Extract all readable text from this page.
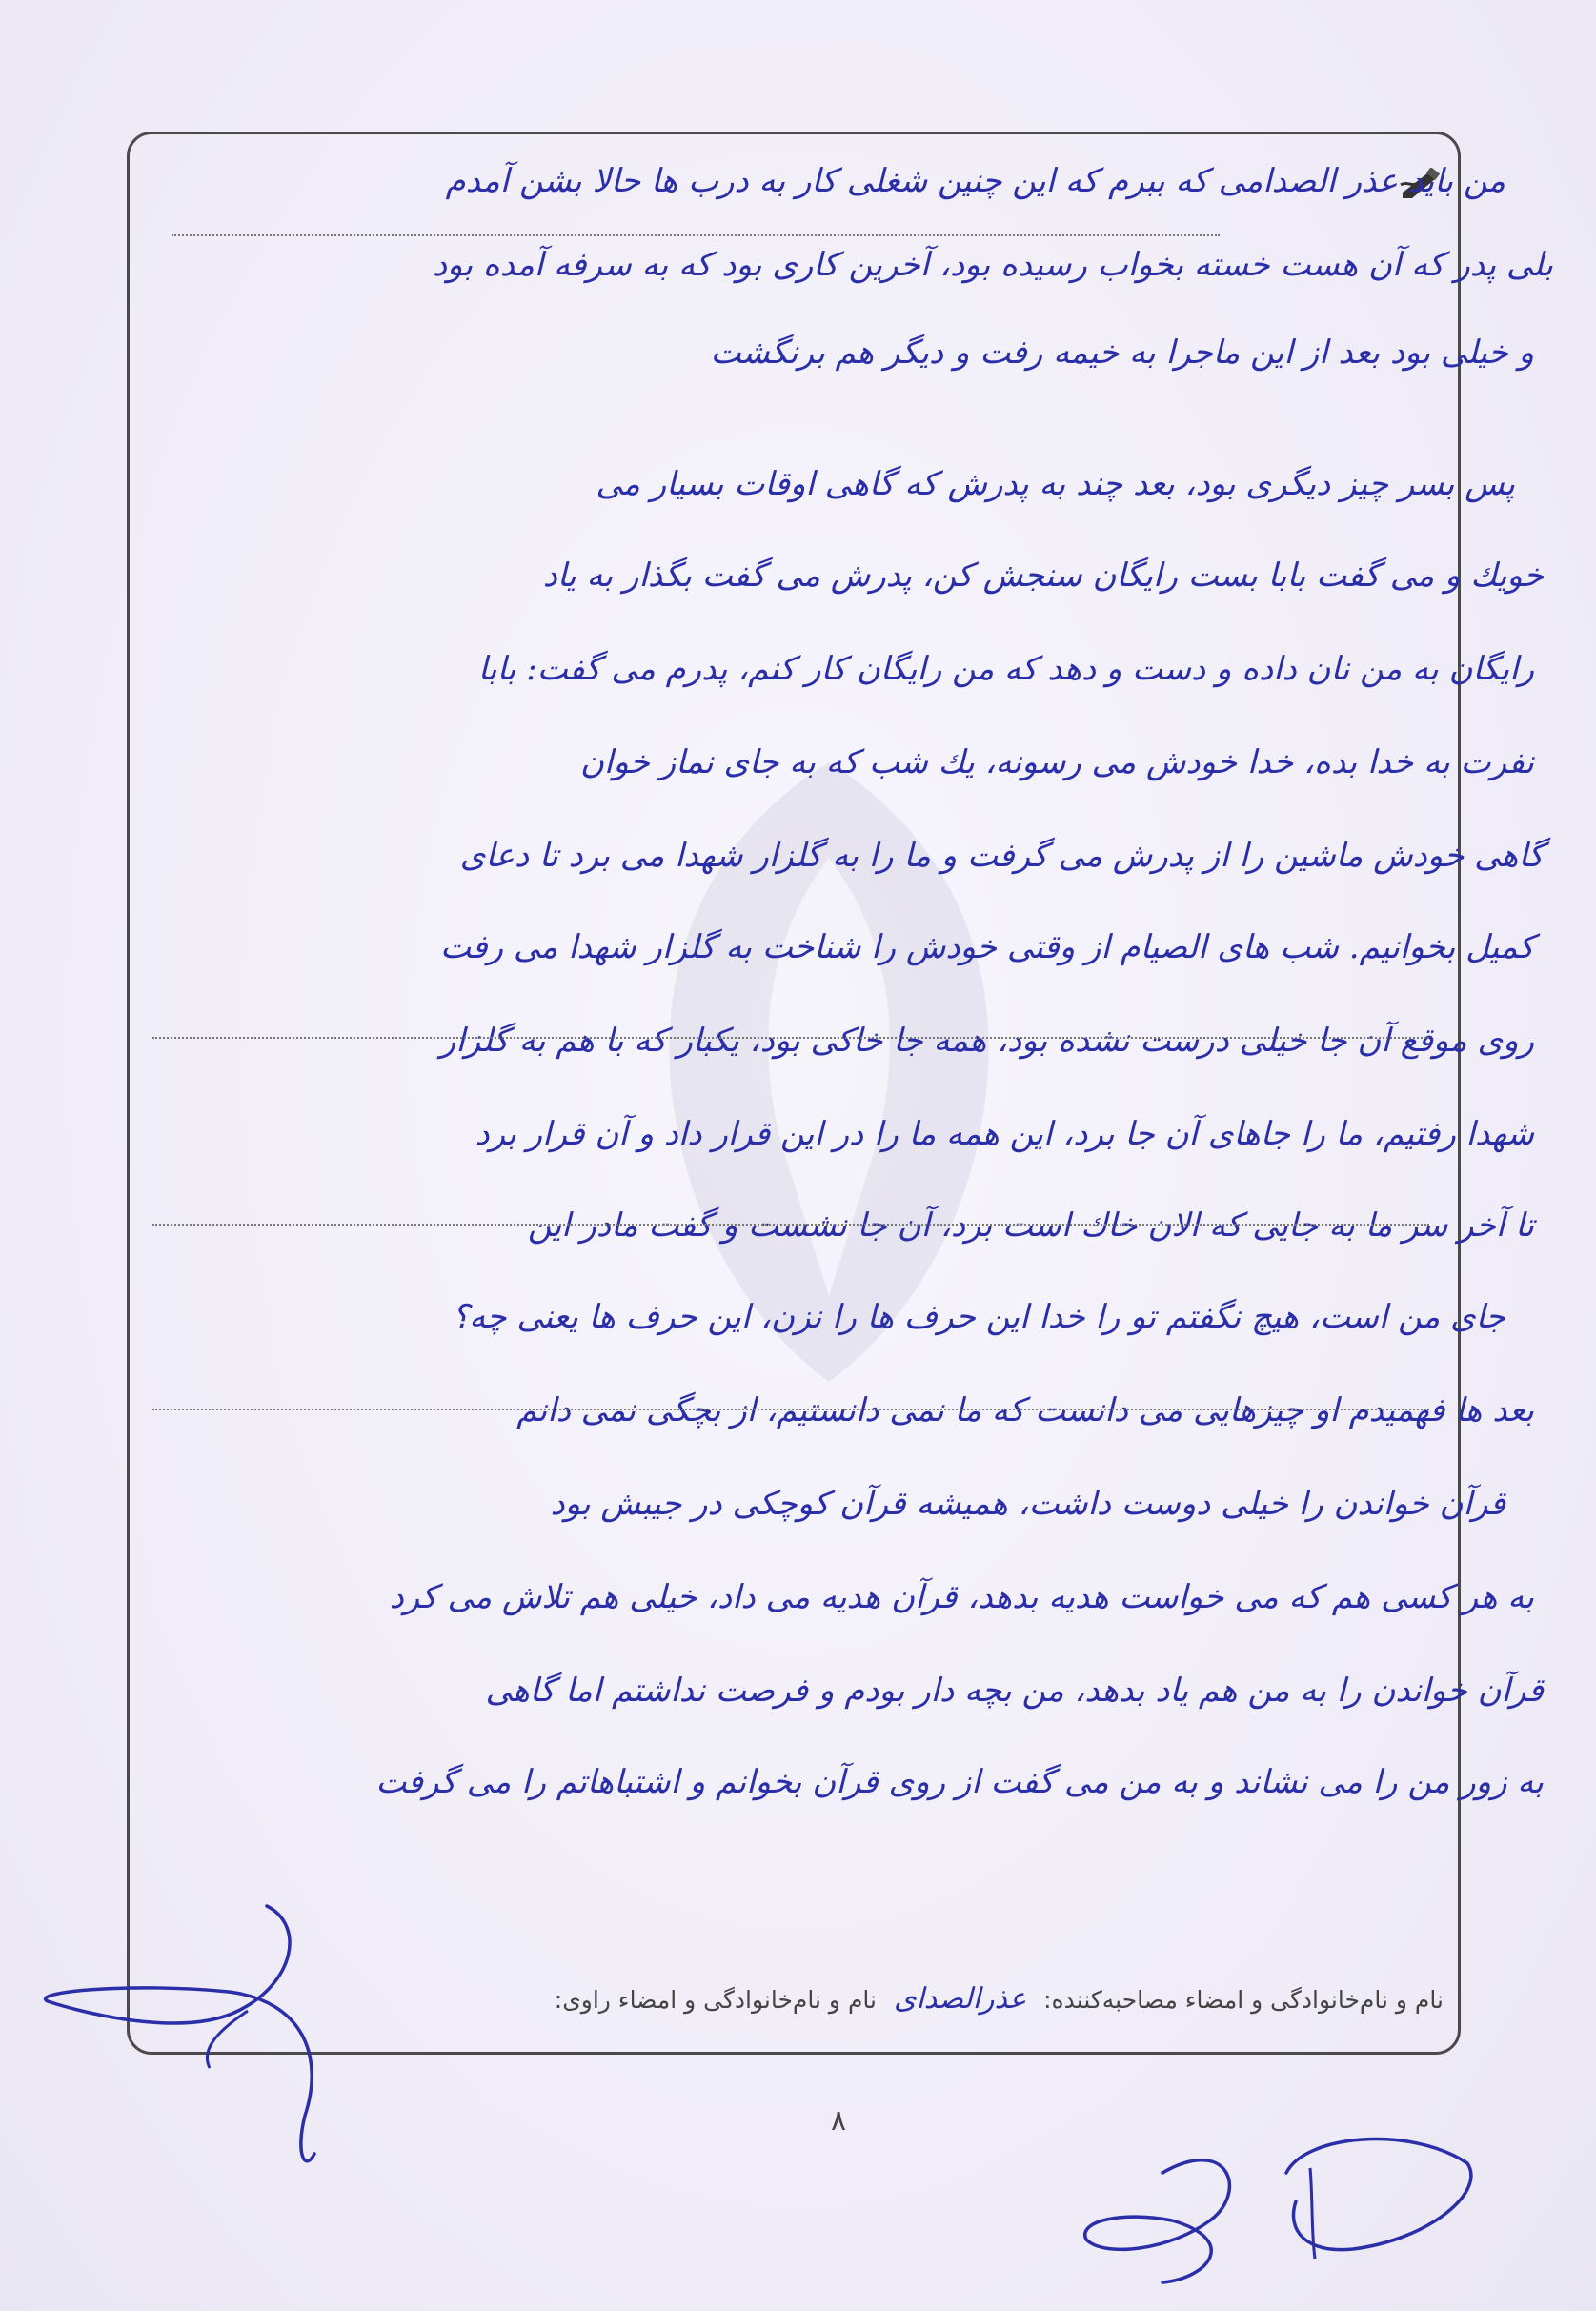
من بايد عذر الصدامى كه ببرم كه اين چنين شغلى كار به درب ها حالا بشن آمدم
بلى پدر كه آن هست خسته بخواب رسيده بود، آخرين كارى بود كه به سرفه آمده بود
و خيلى بود بعد از اين ماجرا به خيمه رفت و ديگر هم برنگشت
پس بسر چيز ديگرى بود، بعد چند به پدرش كه گاهى اوقات بسيار مى
خويك و مى گفت بابا بست رايگان سنجش كن، پدرش مى گفت بگذار به ياد
رايگان به من نان داده و دست و دهد كه من رايگان كار كنم، پدرم مى گفت: بابا
نفرت به خدا بده، خدا خودش مى رسونه، يك شب كه به جاى نماز خوان
گاهى خودش ماشين را از پدرش مى گرفت و ما را به گلزار شهدا مى برد تا دعاى
كميل بخوانيم. شب هاى الصيام از وقتى خودش را شناخت به گلزار شهدا مى رفت
روى موقع آن جا خيلى درست نشده بود، همه جا خاكى بود، يكبار كه با هم به گلزار
شهدا رفتيم، ما را جاهاى آن جا برد، اين همه ما را در اين قرار داد و آن قرار برد
تا آخر سر ما به جايى كه الان خاك است برد، آن جا نشست و گفت مادر اين
جاى من است، هيچ نگفتم تو را خدا اين حرف ها را نزن، اين حرف ها يعنى چه؟
بعد ها فهميدم او چيزهايى مى دانست كه ما نمى دانستيم، از بچگى نمى دانم
قرآن خواندن را خيلى دوست داشت، هميشه قرآن كوچكى در جيبش بود
به هر كسى هم كه مى خواست هديه بدهد، قرآن هديه مى داد، خيلى هم تلاش مى كرد
قرآن خواندن را به من هم ياد بدهد، من بچه دار بودم و فرصت نداشتم اما گاهى
به زور من را مى نشاند و به من مى گفت از روى قرآن بخوانم و اشتباهاتم را مى گرفت
نام و نام‌خانوادگی و امضاء مصاحبه‌کننده: عذرالصداى نام و نام‌خانوادگی و امضاء راوی:
۸
